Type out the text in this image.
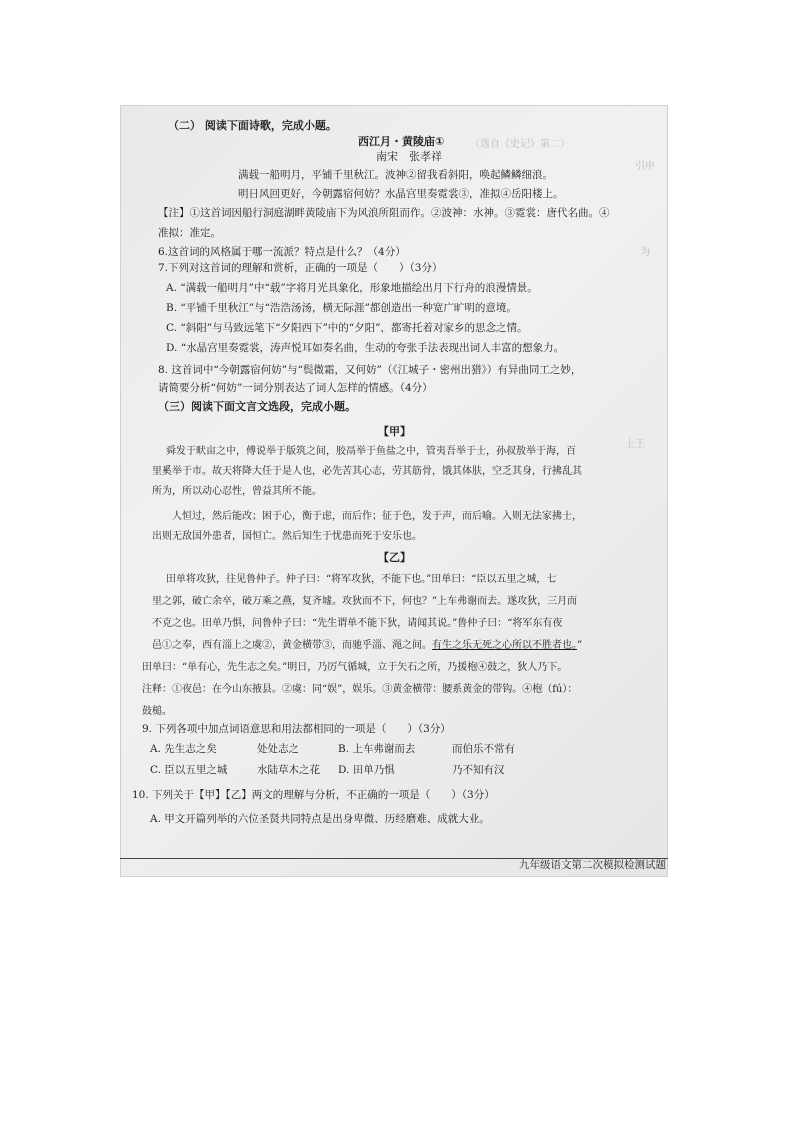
（选自《史记》第二）
引申
为
上王
（二） 阅读下面诗歌，完成小题。
西江月・黄陵庙①
南宋　张孝祥
满载一船明月，平铺千里秋江。波神②留我看斜阳，唤起鳞鳞细浪。
明日风回更好，今朝露宿何妨？水晶宫里奏霓裳③，准拟④岳阳楼上。
【注】①这首词因船行洞庭湖畔黄陵庙下为风浪所阻而作。②波神：水神。③霓裳：唐代名曲。④
准拟：准定。
6.这首词的风格属于哪一流派？特点是什么？（4分）
7.下列对这首词的理解和赏析，正确的一项是（　　）（3分）
A. “满载一船明月”中“载”字将月光具象化，形象地描绘出月下行舟的浪漫情景。
B. “平铺千里秋江”与“浩浩汤汤，横无际涯”都创造出一种宽广旷明的意境。
C. “斜阳”与马致远笔下“夕阳西下”中的“夕阳”，都寄托着对家乡的思念之情。
D. “水晶宫里奏霓裳，涛声悦耳如奏名曲，生动的夸张手法表现出词人丰富的想象力。
8. 这首词中“今朝露宿何妨”与“鬓微霜，又何妨”（《江城子・密州出猎》）有异曲同工之妙，
请简要分析“何妨”一词分别表达了词人怎样的情感。（4分）
（三）阅读下面文言文选段，完成小题。
【甲】
舜发于畎亩之中，傅说举于版筑之间，胶鬲举于鱼盐之中，管夷吾举于士，孙叔敖举于海，百
里奚举于市。故天将降大任于是人也，必先苦其心志，劳其筋骨，饿其体肤，空乏其身，行拂乱其
所为，所以动心忍性，曾益其所不能。
人恒过，然后能改；困于心，衡于虑，而后作；征于色，发于声，而后喻。入则无法家拂士，
出则无敌国外患者，国恒亡。然后知生于忧患而死于安乐也。
【乙】
田单将攻狄，往见鲁仲子。仲子曰：“将军攻狄，不能下也。”田单曰：“臣以五里之城，七
里之郭，破亡余卒，破万乘之燕，复齐墟。攻狄而不下，何也？”上车弗谢而去。遂攻狄，三月而
不克之也。田单乃惧，问鲁仲子曰：“先生谓单不能下狄，请闻其说。”鲁仲子曰：“将军东有夜
邑①之奉，西有淄上之虞②，黄金横带③，而驰乎淄、渑之间。有生之乐无死之心所以不胜者也。”
田单曰：“单有心，先生志之矣。”明日，乃厉气循城，立于矢石之所，乃援枹④鼓之，狄人乃下。
注释：①夜邑：在今山东掖县。②虞：同“娱”，娱乐。③黄金横带：腰系黄金的带钩。④枹（fú）：
鼓槌。
9. 下列各项中加点词语意思和用法都相同的一项是（　　）（3分）
A. 先生志之矣	处处志之	B. 上车弗谢而去	而伯乐不常有
C. 臣以五里之城	水陆草木之花 D. 田单乃惧	乃不知有汉
10. 下列关于【甲】【乙】两文的理解与分析，不正确的一项是（　　）（3分）
A. 甲文开篇列举的六位圣贤共同特点是出身卑微、历经磨难、成就大业。
九年级语文第二次模拟检测试题
